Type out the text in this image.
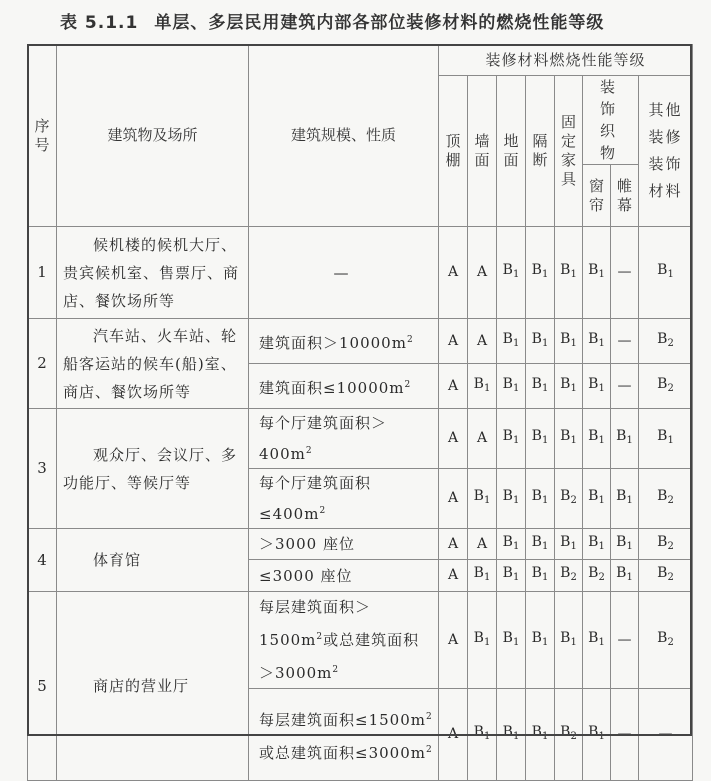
表 5.1.1 单层、多层民用建筑内部各部位装修材料的燃烧性能等级
序号	建筑物及场所	建筑规模、性质	装修材料燃烧性能等级							
			顶棚	墙面	地面	隔断	固定家具	装饰织物		其他装修装饰材料
								窗帘	帷幕	
1	候机楼的候机大厅、贵宾候机室、售票厅、商店、餐饮场所等	—	A	A	$B_1$	$B_1$	$B_1$	$B_1$	—	$B_1$
2	汽车站、火车站、轮船客运站的候车(船)室、商店、餐饮场所等	建筑面积$>10000m^2$	A	A	$B_1$	$B_1$	$B_1$	$B_1$	—	$B_2$
		建筑面积$\le 10000m^2$	A	$B_1$	$B_1$	$B_1$	$B_1$	$B_1$	—	$B_2$
3	观众厅、会议厅、多功能厅、等候厅等	每个厅建筑面积$>400m^2$	A	A	$B_1$	$B_1$	$B_1$	$B_1$	$B_1$	$B_1$
		每个厅建筑面积$\le 400m^2$	A	$B_1$	$B_1$	$B_1$	$B_2$	$B_1$	$B_1$	$B_2$
4	体育馆	＞3000 座位	A	A	$B_1$	$B_1$	$B_1$	$B_1$	$B_1$	$B_2$
		≤3000 座位	A	$B_1$	$B_1$	$B_1$	$B_2$	$B_2$	$B_1$	$B_2$
5	商店的营业厅	每层建筑面积$>1500m^2$或总建筑面积$>3000m^2$	A	$B_1$	$B_1$	$B_1$	$B_1$	$B_1$	—	$B_2$
		每层建筑面积$\le 1500m^2$或总建筑面积$\le 3000m^2$	A	$B_1$	$B_1$	$B_1$	$B_2$	$B_1$	—	—
